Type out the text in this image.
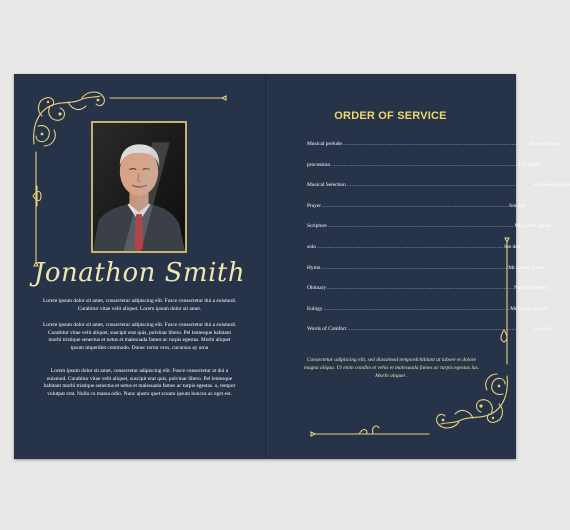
Jonathon Smith
Lorem ipsum dolor sit amet, consectetur adipiscing elit. Fusce consectetur dui a euismod. Curabitur vitae velit aliquet. Lorem ipsum dolor sit amet.
Lorem ipsum dolor sit amet, consectetur adipiscing elit. Fusce consectetur dui a euismod. Curabitur vitae velit aliquet, suscipit erat quis, pulvinar libero. Pel lentesque habitant morbi tristique senectus et netus et malesuada fames ac turpis egestas. Morbi aliquet ipsum imperdiet commodo. Donec tortor eros, cucursus ay urna
Lorem ipsum dolor sit amet, consectetur adipiscing elit. Fusce consectetur at dui a euismod. Curabitur vitae velit aliquet, suscipit erat quis, pulvinar libero. Pel lentesque habitant morbi tristique senectus et netus et malesuada fames ac turpis egestas. u, tempor volutpat erat. Nulla cu massa odio. Nunc ajusto quet scuuto ipsum honcus ac eget est.
ORDER OF SERVICE
Musical prelude ........................................................................................................................ Name of song
procession ........................................................................................................................ The family
Musical Selection ........................................................................................................................ Mr.Lorem ipsum
Prayer ........................................................................................................................ Jon doe
Scripture ........................................................................................................................ Mr.Lorem ipsum
solo ........................................................................................................................ Jon doe
Hymn ........................................................................................................................ Mr.Lorem ipsum
Obituary ........................................................................................................................ Name of person
Eulogy ........................................................................................................................ Mr.Lorem ipsum
Words of Comfort ........................................................................................................................ Jon doe
Consectetur adipiscing elit, sed diassimod tempordchildant ut labore et dolore magna aliqua. Ut enim condim et vehis et malesuada fames ac turpis egestas lus. Morbi aliquet .
